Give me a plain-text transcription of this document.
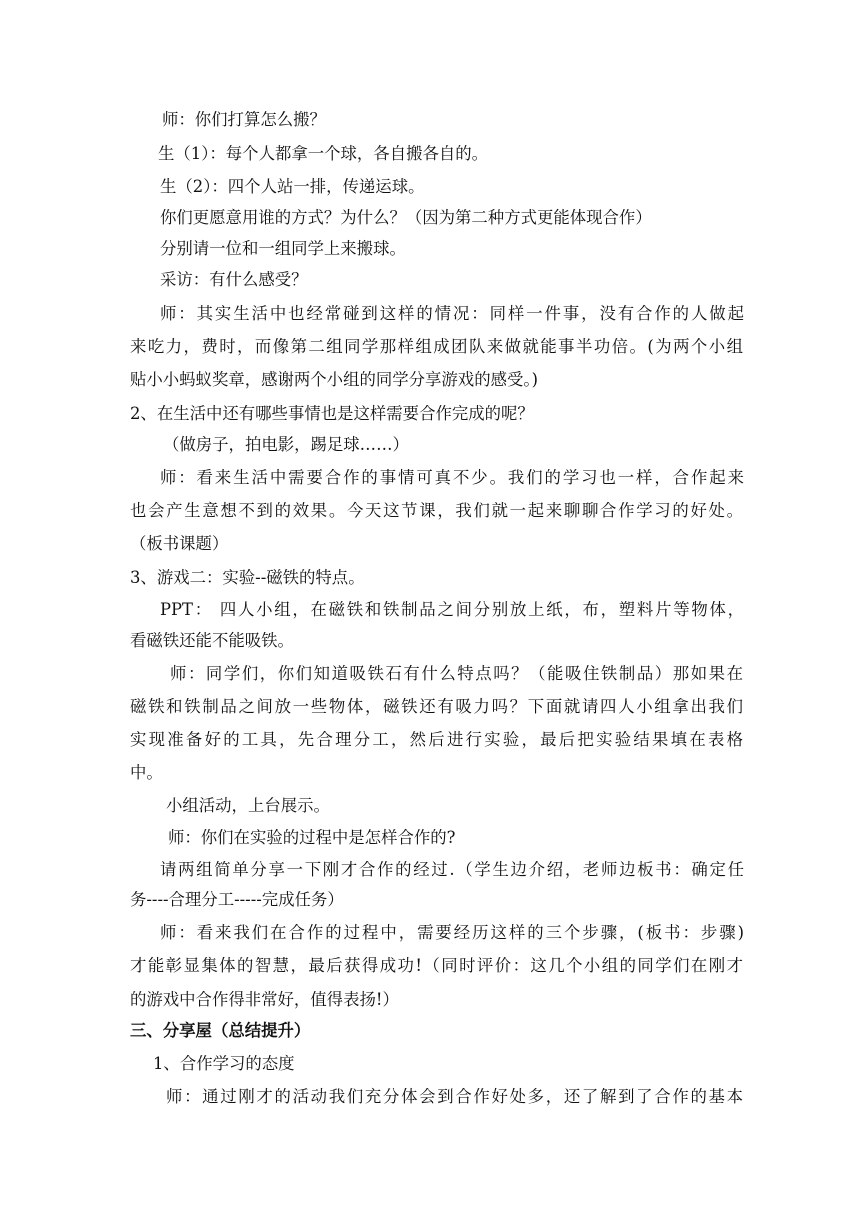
师：你们打算怎么搬？
生（1）：每个人都拿一个球，各自搬各自的。
生（2）：四个人站一排，传递运球。
你们更愿意用谁的方式？为什么？（因为第二种方式更能体现合作）
分别请一位和一组同学上来搬球。
采访：有什么感受？
师：其实生活中也经常碰到这样的情况：同样一件事，没有合作的人做起
来吃力，费时，而像第二组同学那样组成团队来做就能事半功倍。(为两个小组
贴小小蚂蚁奖章，感谢两个小组的同学分享游戏的感受。)
2、在生活中还有哪些事情也是这样需要合作完成的呢？
（做房子，拍电影，踢足球……）
师：看来生活中需要合作的事情可真不少。我们的学习也一样，合作起来
也会产生意想不到的效果。今天这节课，我们就一起来聊聊合作学习的好处。
（板书课题）
3、游戏二：实验--磁铁的特点。
PPT： 四人小组，在磁铁和铁制品之间分别放上纸，布，塑料片等物体，
看磁铁还能不能吸铁。
师：同学们，你们知道吸铁石有什么特点吗？（能吸住铁制品）那如果在
磁铁和铁制品之间放一些物体，磁铁还有吸力吗？下面就请四人小组拿出我们
实现准备好的工具，先合理分工，然后进行实验，最后把实验结果填在表格
中。
小组活动，上台展示。
师：你们在实验的过程中是怎样合作的?
请两组简单分享一下刚才合作的经过.（学生边介绍，老师边板书：确定任
务----合理分工-----完成任务）
师：看来我们在合作的过程中，需要经历这样的三个步骤，(板书：步骤)
才能彰显集体的智慧，最后获得成功!（同时评价：这几个小组的同学们在刚才
的游戏中合作得非常好，值得表扬!）
三、分享屋（总结提升）
1、合作学习的态度
师：通过刚才的活动我们充分体会到合作好处多，还了解到了合作的基本
